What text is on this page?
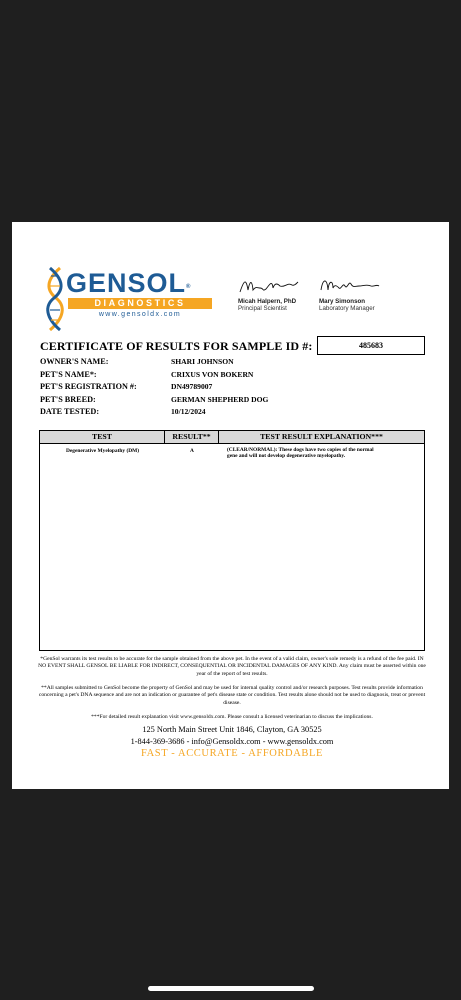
GENSOL®
DIAGNOSTICS
www.gensoldx.com
Micah Halpern, PhD
Principal Scientist
Mary Simonson
Laboratory Manager
CERTIFICATE OF RESULTS FOR SAMPLE ID #:	485683
OWNER'S NAME:	SHARI JOHNSON
PET'S NAME*:	CRIXUS VON BOKERN
PET'S REGISTRATION #:	DN49789007
PET'S BREED:	GERMAN SHEPHERD DOG
DATE TESTED:	10/12/2024
TEST	RESULT**	TEST RESULT EXPLANATION***
Degenerative Myelopathy (DM)	A	(CLEAR/NORMAL): These dogs have two copies of the normal gene and will not develop degenerative myelopathy.
*GenSol warrants its test results to be accurate for the sample obtained from the above pet. In the event of a valid claim, owner's sole remedy is a refund of the fee paid. IN NO EVENT SHALL GENSOL BE LIABLE FOR INDIRECT, CONSEQUENTIAL OR INCIDENTAL DAMAGES OF ANY KIND. Any claim must be asserted within one year of the report of test results.
**All samples submitted to GenSol become the property of GenSol and may be used for internal quality control and/or research purposes. Test results provide information concerning a pet's DNA sequence and are not an indication or guarantee of pet's disease state or condition. Test results alone should not be used to diagnosis, treat or prevent disease.
***For detailed result explanation visit www.gensoldx.com. Please consult a licensed veterinarian to discuss the implications.
125 North Main Street Unit 1846, Clayton, GA 30525
1-844-369-3686 - info@Gensoldx.com - www.gensoldx.com
FAST - ACCURATE - AFFORDABLE
